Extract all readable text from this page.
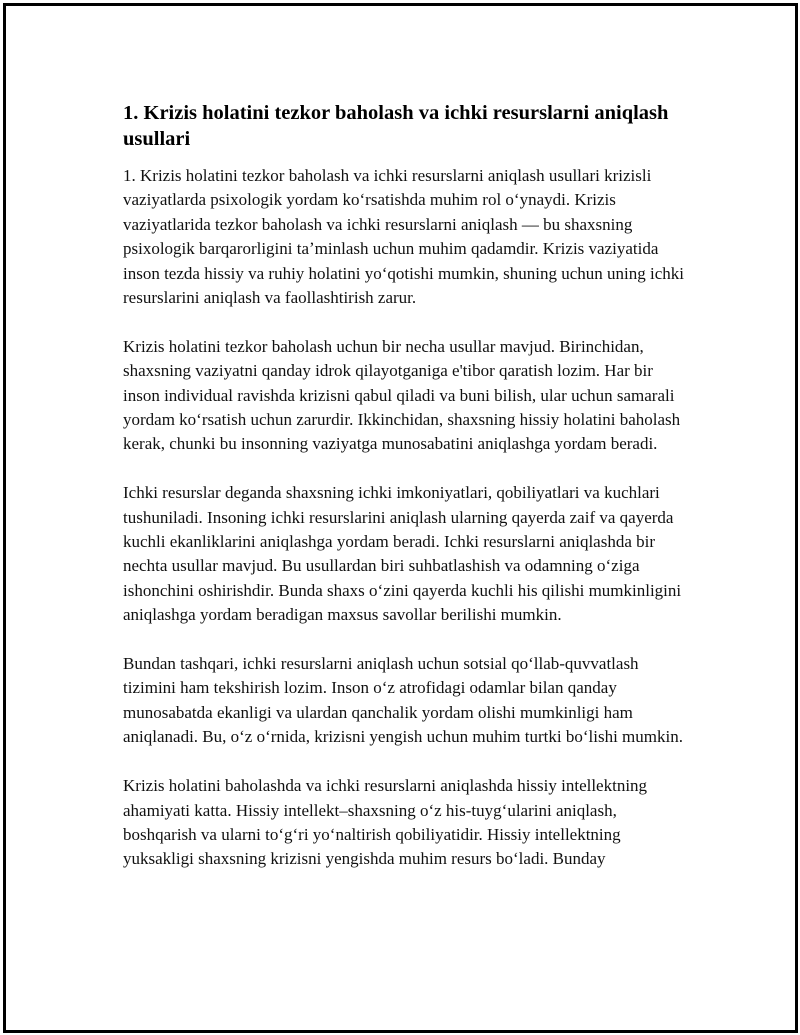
1. Krizis holatini tezkor baholash va ichki resurslarni aniqlash usullari

1. Krizis holatini tezkor baholash va ichki resurslarni aniqlash usullari krizisli vaziyatlarda psixologik yordam koʻrsatishda muhim rol oʻynaydi. Krizis vaziyatlarida tezkor baholash va ichki resurslarni aniqlash — bu shaxsning psixologik barqarorligini taʼminlash uchun muhim qadamdir. Krizis vaziyatida inson tezda hissiy va ruhiy holatini yoʻqotishi mumkin, shuning uchun uning ichki resurslarini aniqlash va faollashtirish zarur.

Krizis holatini tezkor baholash uchun bir necha usullar mavjud. Birinchidan, shaxsning vaziyatni qanday idrok qilayotganiga e'tibor qaratish lozim. Har bir inson individual ravishda krizisni qabul qiladi va buni bilish, ular uchun samarali yordam koʻrsatish uchun zarurdir. Ikkinchidan, shaxsning hissiy holatini baholash kerak, chunki bu insonning vaziyatga munosabatini aniqlashga yordam beradi.

Ichki resurslar deganda shaxsning ichki imkoniyatlari, qobiliyatlari va kuchlari tushuniladi. Insoning ichki resurslarini aniqlash ularning qayerda zaif va qayerda kuchli ekanliklarini aniqlashga yordam beradi. Ichki resurslarni aniqlashda bir nechta usullar mavjud. Bu usullardan biri suhbatlashish va odamning oʻziga ishonchini oshirishdir. Bunda shaxs oʻzini qayerda kuchli his qilishi mumkinligini aniqlashga yordam beradigan maxsus savollar berilishi mumkin.

Bundan tashqari, ichki resurslarni aniqlash uchun sotsial qoʻllab-quvvatlash tizimini ham tekshirish lozim. Inson oʻz atrofidagi odamlar bilan qanday munosabatda ekanligi va ulardan qanchalik yordam olishi mumkinligi ham aniqlanadi. Bu, oʻz oʻrnida, krizisni yengish uchun muhim turtki boʻlishi mumkin.

Krizis holatini baholashda va ichki resurslarni aniqlashda hissiy intellektning ahamiyati katta. Hissiy intellekt–shaxsning oʻz his-tuygʻularini aniqlash, boshqarish va ularni toʻgʻri yoʻnaltirish qobiliyatidir. Hissiy intellektning yuksakligi shaxsning krizisni yengishda muhim resurs boʻladi. Bunday
